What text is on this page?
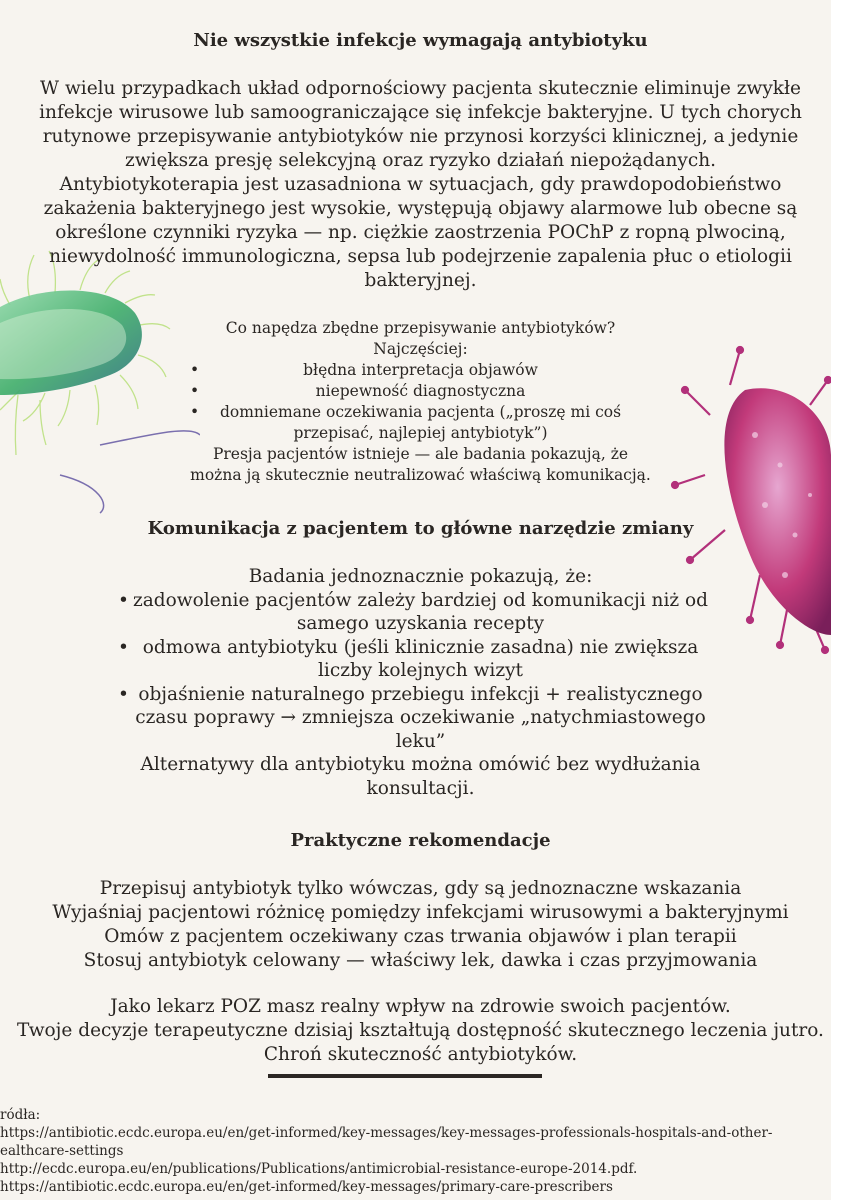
Nie wszystkie infekcje wymagają antybiotyku
W wielu przypadkach układ odpornościowy pacjenta skutecznie eliminuje zwykłe
infekcje wirusowe lub samoograniczające się infekcje bakteryjne. U tych chorych
rutynowe przepisywanie antybiotyków nie przynosi korzyści klinicznej, a jedynie
zwiększa presję selekcyjną oraz ryzyko działań niepożądanych.
Antybiotykoterapia jest uzasadniona w sytuacjach, gdy prawdopodobieństwo
zakażenia bakteryjnego jest wysokie, występują objawy alarmowe lub obecne są
określone czynniki ryzyka — np. ciężkie zaostrzenia POChP z ropną plwociną,
niewydolność immunologiczna, sepsa lub podejrzenie zapalenia płuc o etiologii
bakteryjnej.
Co napędza zbędne przepisywanie antybiotyków?
Najczęściej:
•	błędna interpretacja objawów
•	niepewność diagnostyczna
•	domniemane oczekiwania pacjenta („proszę mi coś
przepisać, najlepiej antybiotyk”)
Presja pacjentów istnieje — ale badania pokazują, że
można ją skutecznie neutralizować właściwą komunikacją.
Komunikacja z pacjentem to główne narzędzie zmiany
Badania jednoznacznie pokazują, że:
• zadowolenie pacjentów zależy bardziej od komunikacji niż od
samego uzyskania recepty
• odmowa antybiotyku (jeśli klinicznie zasadna) nie zwiększa
liczby kolejnych wizyt
• objaśnienie naturalnego przebiegu infekcji + realistycznego
czasu poprawy → zmniejsza oczekiwanie „natychmiastowego
leku”
Alternatywy dla antybiotyku można omówić bez wydłużania
konsultacji.
Praktyczne rekomendacje
Przepisuj antybiotyk tylko wówczas, gdy są jednoznaczne wskazania
Wyjaśniaj pacjentowi różnicę pomiędzy infekcjami wirusowymi a bakteryjnymi
Omów z pacjentem oczekiwany czas trwania objawów i plan terapii
Stosuj antybiotyk celowany — właściwy lek, dawka i czas przyjmowania
Jako lekarz POZ masz realny wpływ na zdrowie swoich pacjentów.
Twoje decyzje terapeutyczne dzisiaj kształtują dostępność skutecznego leczenia jutro.
Chroń skuteczność antybiotyków.
ródła:
https://antibiotic.ecdc.europa.eu/en/get-informed/key-messages/key-messages-professionals-hospitals-and-other-
ealthcare-settings
http://ecdc.europa.eu/en/publications/Publications/antimicrobial-resistance-europe-2014.pdf.
https://antibiotic.ecdc.europa.eu/en/get-informed/key-messages/primary-care-prescribers
